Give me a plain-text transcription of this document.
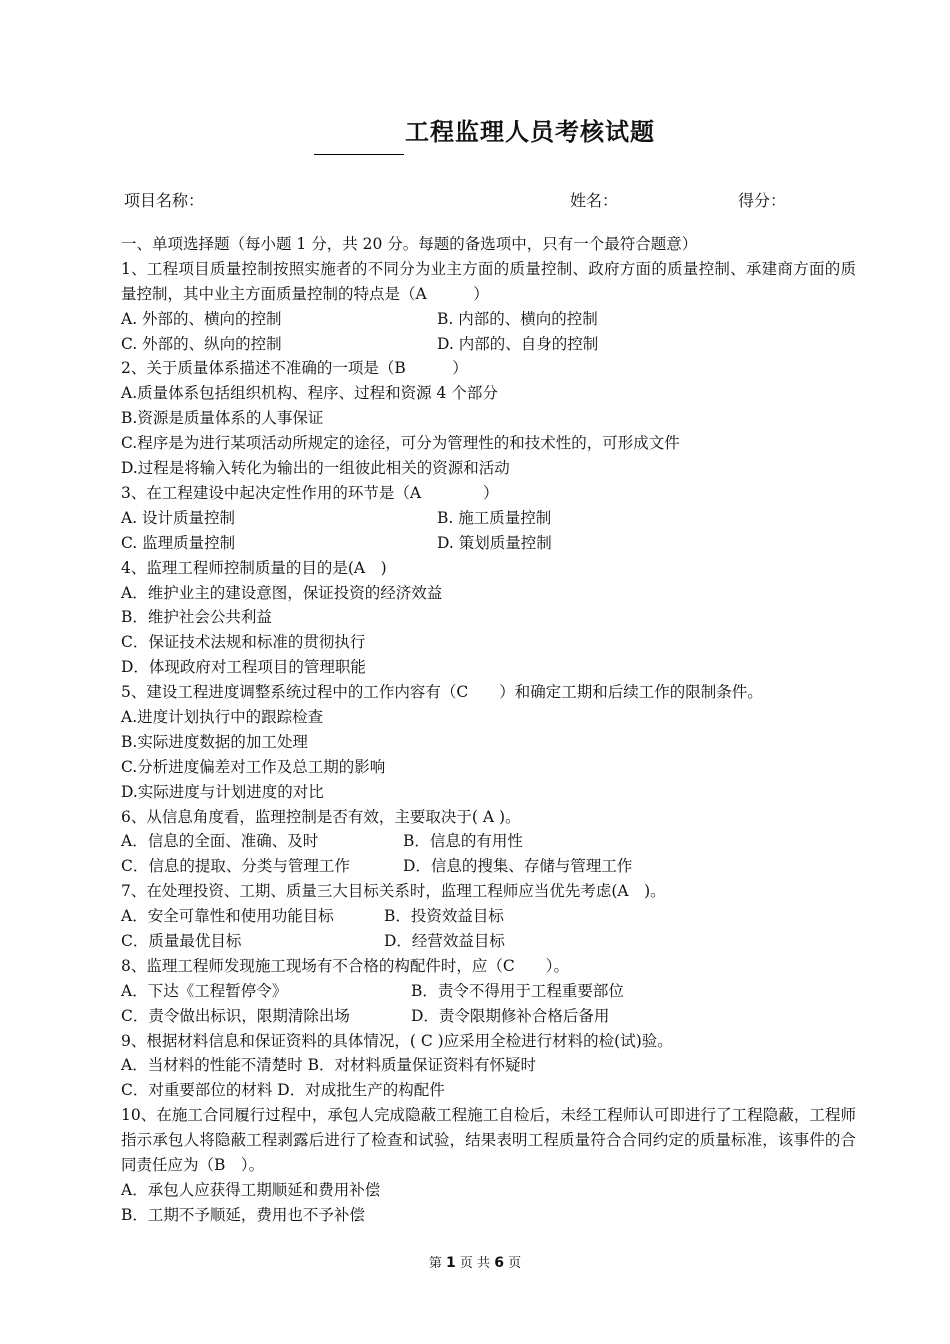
工程监理人员考核试题
项目名称：	姓名：	得分：
一、单项选择题（每小题 1 分，共 20 分。每题的备选项中，只有一个最符合题意）
1、工程项目质量控制按照实施者的不同分为业主方面的质量控制、政府方面的质量控制、承建商方面的质量控制，其中业主方面质量控制的特点是（A　　　）
A. 外部的、横向的控制	B. 内部的、横向的控制
C. 外部的、纵向的控制	D. 内部的、自身的控制
2、关于质量体系描述不准确的一项是（B　　　）
A.质量体系包括组织机构、程序、过程和资源 4 个部分
B.资源是质量体系的人事保证
C.程序是为进行某项活动所规定的途径，可分为管理性的和技术性的，可形成文件
D.过程是将输入转化为输出的一组彼此相关的资源和活动
3、在工程建设中起决定性作用的环节是（A　　　　）
A. 设计质量控制	B. 施工质量控制
C. 监理质量控制	D. 策划质量控制
4、监理工程师控制质量的目的是(A　)
A．维护业主的建设意图，保证投资的经济效益
B．维护社会公共利益
C．保证技术法规和标准的贯彻执行
D．体现政府对工程项目的管理职能
5、建设工程进度调整系统过程中的工作内容有（C　　）和确定工期和后续工作的限制条件。
A.进度计划执行中的跟踪检查
B.实际进度数据的加工处理
C.分析进度偏差对工作及总工期的影响
D.实际进度与计划进度的对比
6、从信息角度看，监理控制是否有效，主要取决于( A )。
A．信息的全面、准确、及时	B．信息的有用性
C．信息的提取、分类与管理工作	D．信息的搜集、存储与管理工作
7、在处理投资、工期、质量三大目标关系时，监理工程师应当优先考虑(A　)。
A．安全可靠性和使用功能目标	B．投资效益目标
C．质量最优目标	D．经营效益目标
8、监理工程师发现施工现场有不合格的构配件时，应（C　　）。
A．下达《工程暂停令》	B．责令不得用于工程重要部位
C．责令做出标识，限期清除出场	D．责令限期修补合格后备用
9、根据材料信息和保证资料的具体情况，( C )应采用全检进行材料的检(试)验。
A．当材料的性能不清楚时 B．对材料质量保证资料有怀疑时
C．对重要部位的材料 D．对成批生产的构配件
10、在施工合同履行过程中，承包人完成隐蔽工程施工自检后，未经工程师认可即进行了工程隐蔽，工程师指示承包人将隐蔽工程剥露后进行了检查和试验，结果表明工程质量符合合同约定的质量标准，该事件的合同责任应为（B　）。
A．承包人应获得工期顺延和费用补偿
B．工期不予顺延，费用也不予补偿
第 1 页 共 6 页
